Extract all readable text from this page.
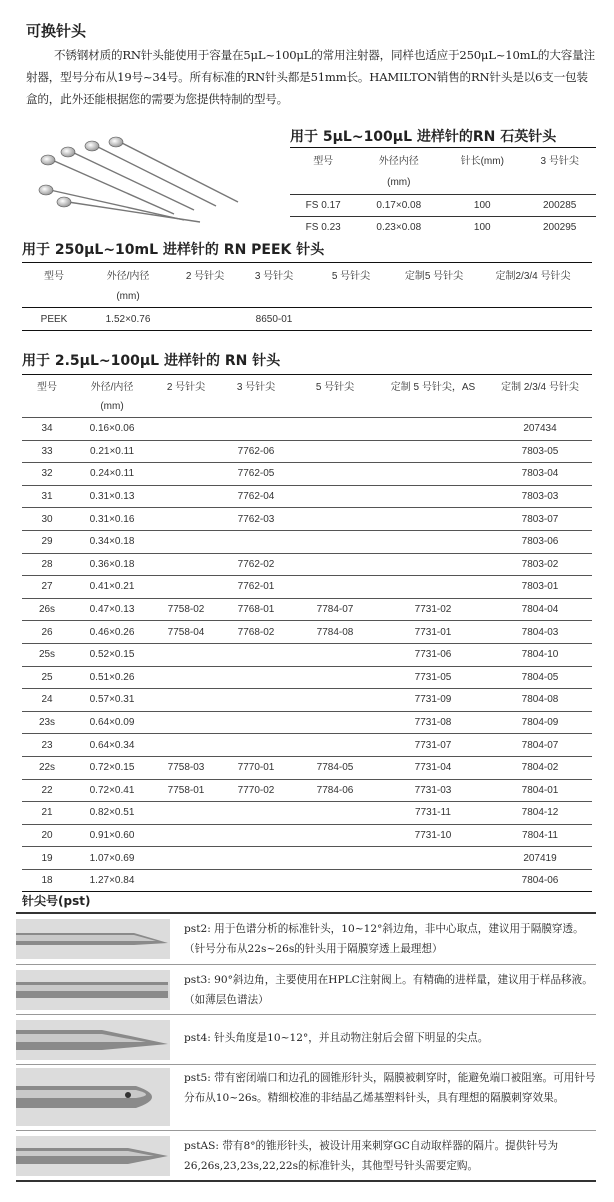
可换针头
不锈钢材质的RN针头能使用于容量在5μL~100μL的常用注射器，同样也适应于250μL~10mL的大容量注射器，型号分布从19号~34号。所有标准的RN针头都是51mm长。HAMILTON销售的RN针头是以6支一包装盒的，此外还能根据您的需要为您提供特制的型号。
用于 5μL~100μL 进样针的RN 石英针头
型号	外径内径	针长(mm)	3 号针尖
	(mm)		
FS 0.17	0.17×0.08	100	200285
FS 0.23	0.23×0.08	100	200295
用于 250μL~10mL 进样针的 RN PEEK 针头
型号	外径/内径	2 号针尖	3 号针尖	5 号针尖	定制5 号针尖	定制2/3/4 号针尖
	(mm)					
PEEK	1.52×0.76		8650-01			
用于 2.5μL~100μL 进样针的 RN 针头
型号	外径/内径	2 号针尖	3 号针尖	5 号针尖	定制 5 号针尖，AS	定制 2/3/4 号针尖
	(mm)					
34	0.16×0.06					207434
33	0.21×0.11		7762-06			7803-05
32	0.24×0.11		7762-05			7803-04
31	0.31×0.13		7762-04			7803-03
30	0.31×0.16		7762-03			7803-07
29	0.34×0.18					7803-06
28	0.36×0.18		7762-02			7803-02
27	0.41×0.21		7762-01			7803-01
26s	0.47×0.13	7758-02	7768-01	7784-07	7731-02	7804-04
26	0.46×0.26	7758-04	7768-02	7784-08	7731-01	7804-03
25s	0.52×0.15				7731-06	7804-10
25	0.51×0.26				7731-05	7804-05
24	0.57×0.31				7731-09	7804-08
23s	0.64×0.09				7731-08	7804-09
23	0.64×0.34				7731-07	7804-07
22s	0.72×0.15	7758-03	7770-01	7784-05	7731-04	7804-02
22	0.72×0.41	7758-01	7770-02	7784-06	7731-03	7804-01
21	0.82×0.51				7731-11	7804-12
20	0.91×0.60				7731-10	7804-11
19	1.07×0.69					207419
18	1.27×0.84					7804-06
针尖号(pst)
pst2: 用于色谱分析的标准针头，10~12°斜边角，非中心取点，建议用于隔膜穿透。（针号分布从22s~26s的针头用于隔膜穿透上最理想）
pst3: 90°斜边角，主要使用在HPLC注射阀上。有精确的进样量，建议用于样品移液。（如薄层色谱法）
pst4: 针头角度是10~12°，并且动物注射后会留下明显的尖点。
pst5: 带有密闭端口和边孔的圆锥形针头，隔膜被刺穿时，能避免端口被阻塞。可用针号分布从10~26s。精细校准的非结晶乙烯基塑料针头，具有理想的隔膜刺穿效果。
pstAS: 带有8°的锥形针头，被设计用来刺穿GC自动取样器的隔片。提供针号为26,26s,23,23s,22,22s的标准针头，其他型号针头需要定购。
